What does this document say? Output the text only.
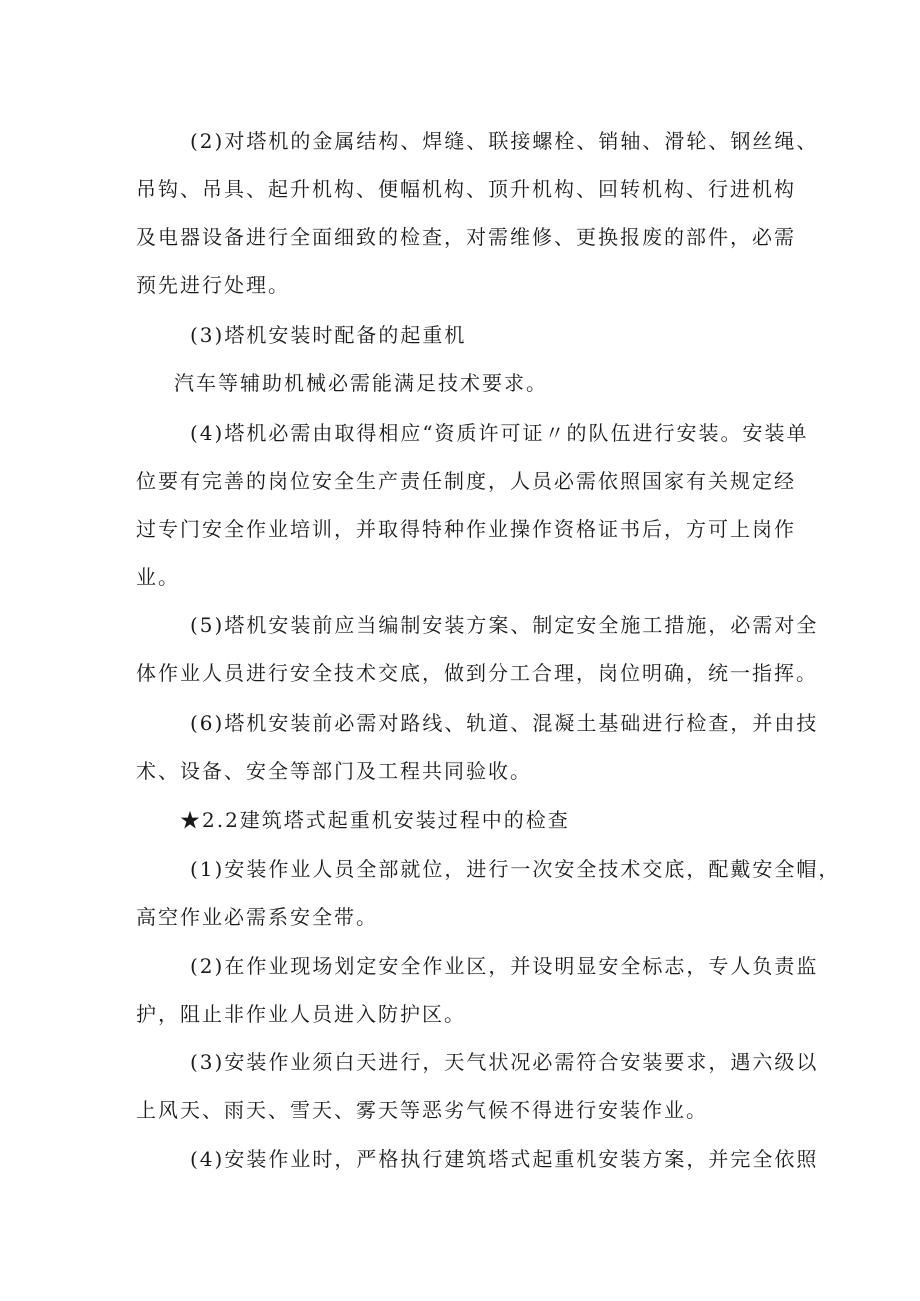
(2)对塔机的金属结构、焊缝、联接螺栓、销轴、滑轮、钢丝绳、
吊钩、吊具、起升机构、便幅机构、顶升机构、回转机构、行进机构
及电器设备进行全面细致的检查，对需维修、更换报废的部件，必需
预先进行处理。

(3)塔机安装时配备的起重机

汽车等辅助机械必需能满足技术要求。

(4)塔机必需由取得相应“资质许可证〃的队伍进行安装。安装单
位要有完善的岗位安全生产责任制度，人员必需依照国家有关规定经
过专门安全作业培训，并取得特种作业操作资格证书后，方可上岗作
业。

(5)塔机安装前应当编制安装方案、制定安全施工措施，必需对全
体作业人员进行安全技术交底，做到分工合理，岗位明确，统一指挥。

(6)塔机安装前必需对路线、轨道、混凝土基础进行检查，并由技
术、设备、安全等部门及工程共同验收。

★2.2建筑塔式起重机安装过程中的检查

(1)安装作业人员全部就位，进行一次安全技术交底，配戴安全帽，
高空作业必需系安全带。

(2)在作业现场划定安全作业区，并设明显安全标志，专人负责监
护，阻止非作业人员进入防护区。

(3)安装作业须白天进行，天气状况必需符合安装要求，遇六级以
上风天、雨天、雪天、雾天等恶劣气候不得进行安装作业。

(4)安装作业时，严格执行建筑塔式起重机安装方案，并完全依照
